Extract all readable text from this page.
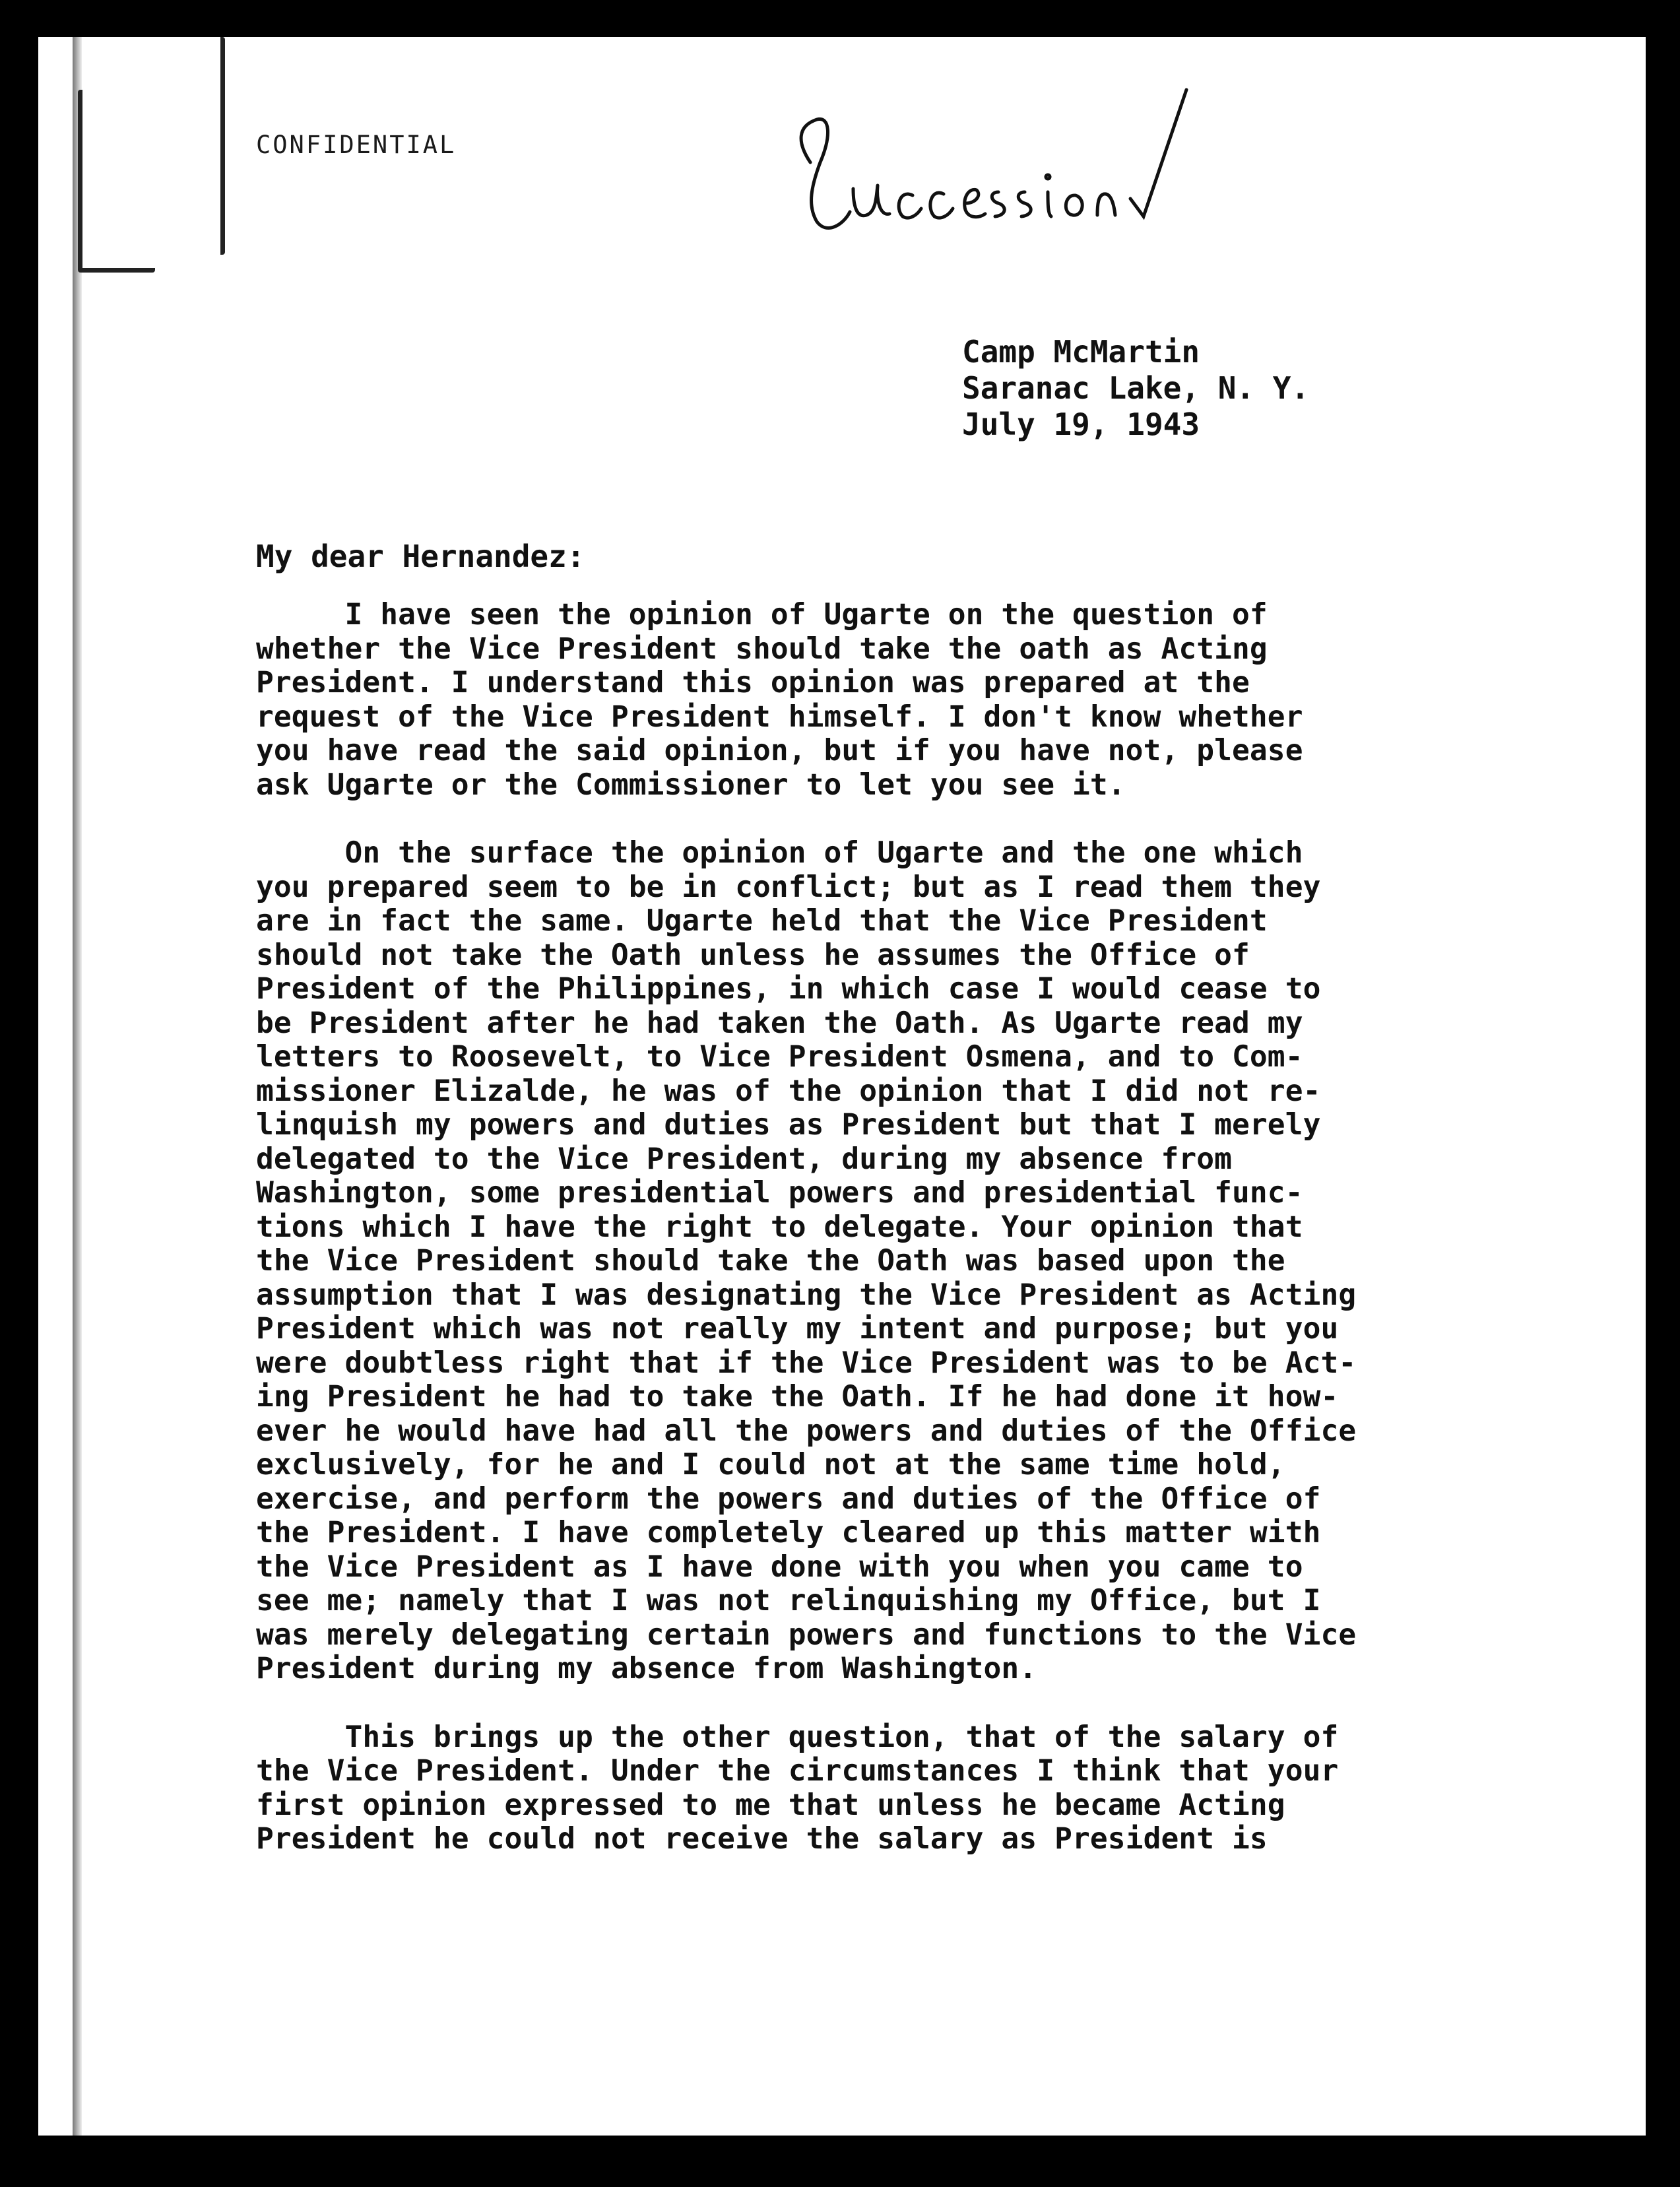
CONFIDENTIAL
Camp McMartin
Saranac Lake, N. Y.
July 19, 1943
My dear Hernandez:
I have seen the opinion of Ugarte on the question of
whether the Vice President should take the oath as Acting
President. I understand this opinion was prepared at the
request of the Vice President himself. I don't know whether
you have read the said opinion, but if you have not, please
ask Ugarte or the Commissioner to let you see it.
On the surface the opinion of Ugarte and the one which
you prepared seem to be in conflict; but as I read them they
are in fact the same. Ugarte held that the Vice President
should not take the Oath unless he assumes the Office of
President of the Philippines, in which case I would cease to
be President after he had taken the Oath. As Ugarte read my
letters to Roosevelt, to Vice President Osmena, and to Com-
missioner Elizalde, he was of the opinion that I did not re-
linquish my powers and duties as President but that I merely
delegated to the Vice President, during my absence from
Washington, some presidential powers and presidential func-
tions which I have the right to delegate. Your opinion that
the Vice President should take the Oath was based upon the
assumption that I was designating the Vice President as Acting
President which was not really my intent and purpose; but you
were doubtless right that if the Vice President was to be Act-
ing President he had to take the Oath. If he had done it how-
ever he would have had all the powers and duties of the Office
exclusively, for he and I could not at the same time hold,
exercise, and perform the powers and duties of the Office of
the President. I have completely cleared up this matter with
the Vice President as I have done with you when you came to
see me; namely that I was not relinquishing my Office, but I
was merely delegating certain powers and functions to the Vice
President during my absence from Washington.
This brings up the other question, that of the salary of
the Vice President. Under the circumstances I think that your
first opinion expressed to me that unless he became Acting
President he could not receive the salary as President is
